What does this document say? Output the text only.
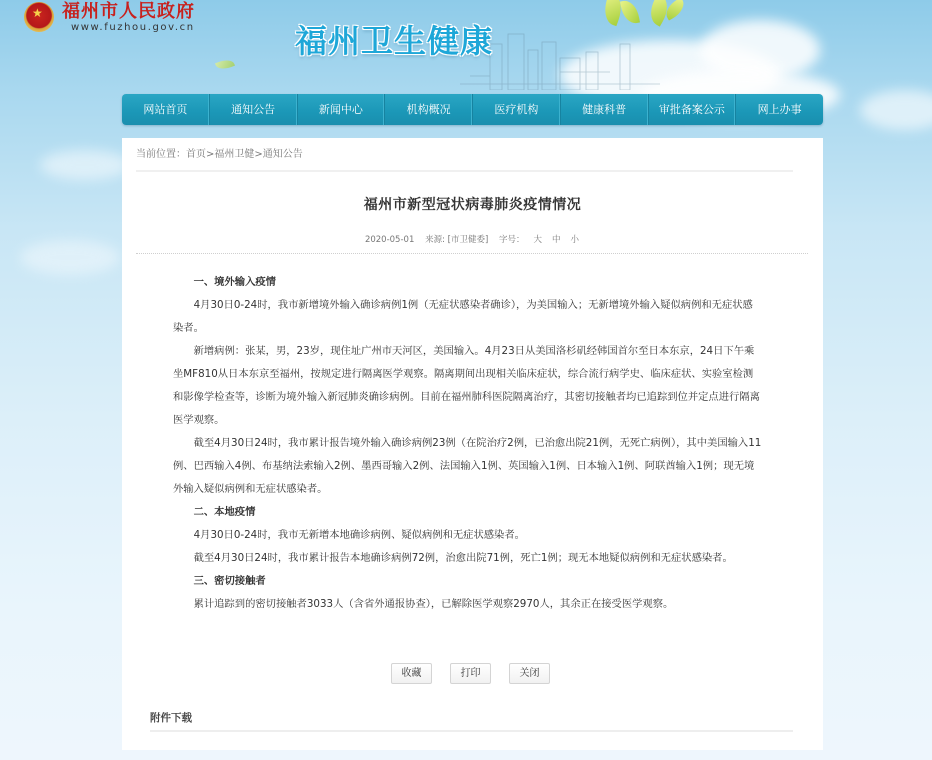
★
福州市人民政府
www.fuzhou.gov.cn	福州卫生健康
网站首页	通知公告	新闻中心	机构概况	医疗机构	健康科普	审批备案公示	网上办事
当前位置：首页>福州卫健>通知公告
福州市新型冠状病毒肺炎疫情情况
2020-05-01 来源: [市卫健委] 字号： 大 中 小

一、境外输入疫情

4月30日0-24时，我市新增境外输入确诊病例1例（无症状感染者确诊），为美国输入；无新增境外输入疑似病例和无症状感染者。

新增病例：张某，男，23岁，现住址广州市天河区，美国输入。4月23日从美国洛杉矶经韩国首尔至日本东京，24日下午乘坐MF810从日本东京至福州，按规定进行隔离医学观察。隔离期间出现相关临床症状，综合流行病学史、临床症状、实验室检测和影像学检查等，诊断为境外输入新冠肺炎确诊病例。目前在福州肺科医院隔离治疗，其密切接触者均已追踪到位并定点进行隔离医学观察。

截至4月30日24时，我市累计报告境外输入确诊病例23例（在院治疗2例，已治愈出院21例，无死亡病例），其中美国输入11例、巴西输入4例、布基纳法索输入2例、墨西哥输入2例、法国输入1例、英国输入1例、日本输入1例、阿联酋输入1例；现无境外输入疑似病例和无症状感染者。

二、本地疫情

4月30日0-24时，我市无新增本地确诊病例、疑似病例和无症状感染者。

截至4月30日24时，我市累计报告本地确诊病例72例，治愈出院71例，死亡1例；现无本地疑似病例和无症状感染者。

三、密切接触者

累计追踪到的密切接触者3033人（含省外通报协查），已解除医学观察2970人，其余正在接受医学观察。

收藏	打印	关闭
附件下载
